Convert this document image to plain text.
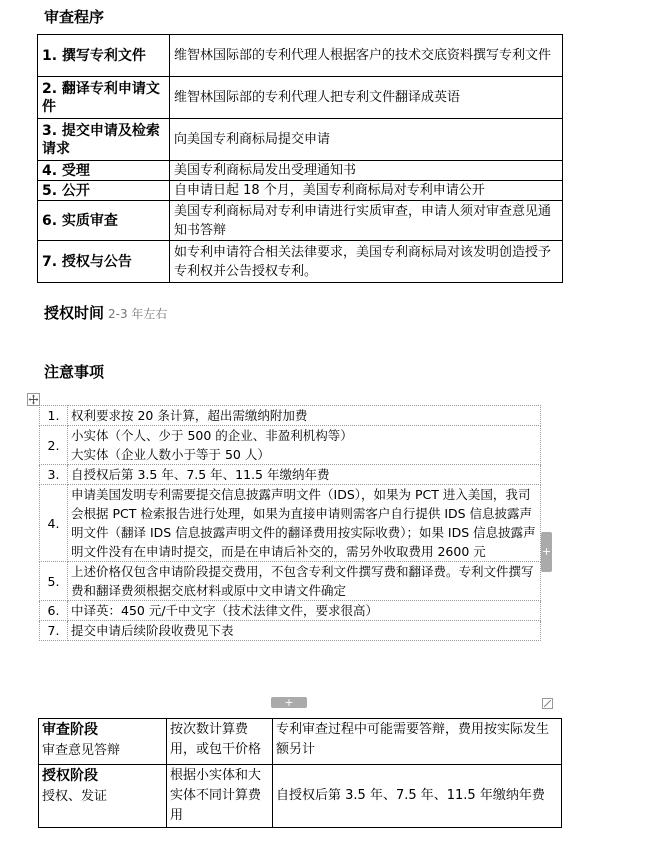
审查程序
1. 撰写专利文件	维智林国际部的专利代理人根据客户的技术交底资料撰写专利文件
2. 翻译专利申请文件	维智林国际部的专利代理人把专利文件翻译成英语
3. 提交申请及检索请求	向美国专利商标局提交申请
4. 受理	美国专利商标局发出受理通知书
5. 公开	自申请日起 18 个月，美国专利商标局对专利申请公开
6. 实质审查	美国专利商标局对专利申请进行实质审查，申请人须对审查意见通知书答辩
7. 授权与公告	如专利申请符合相关法律要求，美国专利商标局对该发明创造授予专利权并公告授权专利。
授权时间 2-3 年左右
注意事项
1.	权利要求按 20 条计算，超出需缴纳附加费
2.	小实体（个人、少于 500 的企业、非盈利机构等）
大实体（企业人数小于等于 50 人）
3.	自授权后第 3.5 年、7.5 年、11.5 年缴纳年费
4.	申请美国发明专利需要提交信息披露声明文件（IDS），如果为 PCT 进入美国，我司会根据 PCT 检索报告进行处理，如果为直接申请则需客户自行提供 IDS 信息披露声明文件（翻译 IDS 信息披露声明文件的翻译费用按实际收费）；如果 IDS 信息披露声明文件没有在申请时提交，而是在申请后补交的，需另外收取费用 2600 元
5.	上述价格仅包含申请阶段提交费用，不包含专利文件撰写费和翻译费。专利文件撰写费和翻译费须根据交底材料或原中文申请文件确定
6.	中译英：450 元/千中文字（技术法律文件，要求很高）
7.	提交申请后续阶段收费见下表
+
+
审查阶段
审查意见答辩	按次数计算费用，或包干价格	专利审查过程中可能需要答辩，费用按实际发生额另计
授权阶段
授权、发证	根据小实体和大实体不同计算费用	自授权后第 3.5 年、7.5 年、11.5 年缴纳年费
